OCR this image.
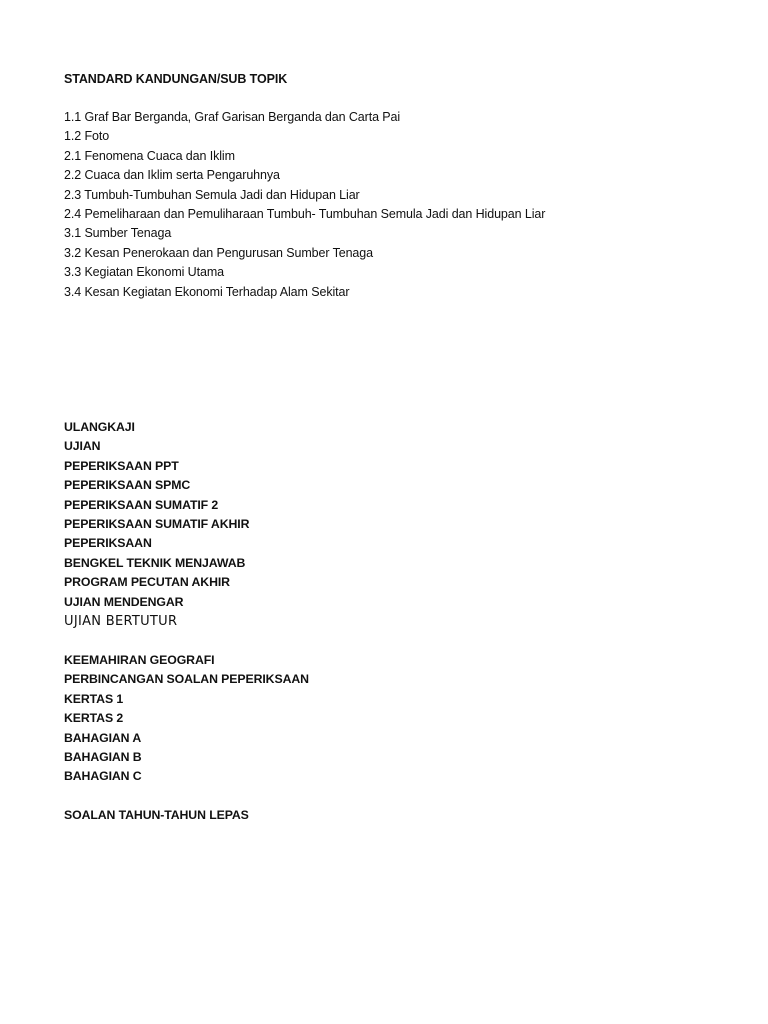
STANDARD KANDUNGAN/SUB TOPIK
1.1 Graf Bar Berganda, Graf Garisan Berganda dan Carta Pai
1.2 Foto
2.1 Fenomena Cuaca dan Iklim
2.2 Cuaca dan Iklim serta Pengaruhnya
2.3 Tumbuh-Tumbuhan Semula Jadi dan Hidupan Liar
2.4 Pemeliharaan dan Pemuliharaan Tumbuh- Tumbuhan Semula Jadi dan Hidupan Liar
3.1 Sumber Tenaga
3.2 Kesan Penerokaan dan Pengurusan Sumber Tenaga
3.3 Kegiatan Ekonomi Utama
3.4 Kesan Kegiatan Ekonomi Terhadap Alam Sekitar
ULANGKAJI
UJIAN
PEPERIKSAAN PPT
PEPERIKSAAN SPMC
PEPERIKSAAN SUMATIF 2
PEPERIKSAAN SUMATIF AKHIR
PEPERIKSAAN
BENGKEL TEKNIK MENJAWAB
PROGRAM PECUTAN AKHIR
UJIAN MENDENGAR
UJIAN BERTUTUR
KEEMAHIRAN GEOGRAFI
PERBINCANGAN SOALAN PEPERIKSAAN
KERTAS 1
KERTAS 2
BAHAGIAN A
BAHAGIAN B
BAHAGIAN C
SOALAN TAHUN-TAHUN LEPAS
